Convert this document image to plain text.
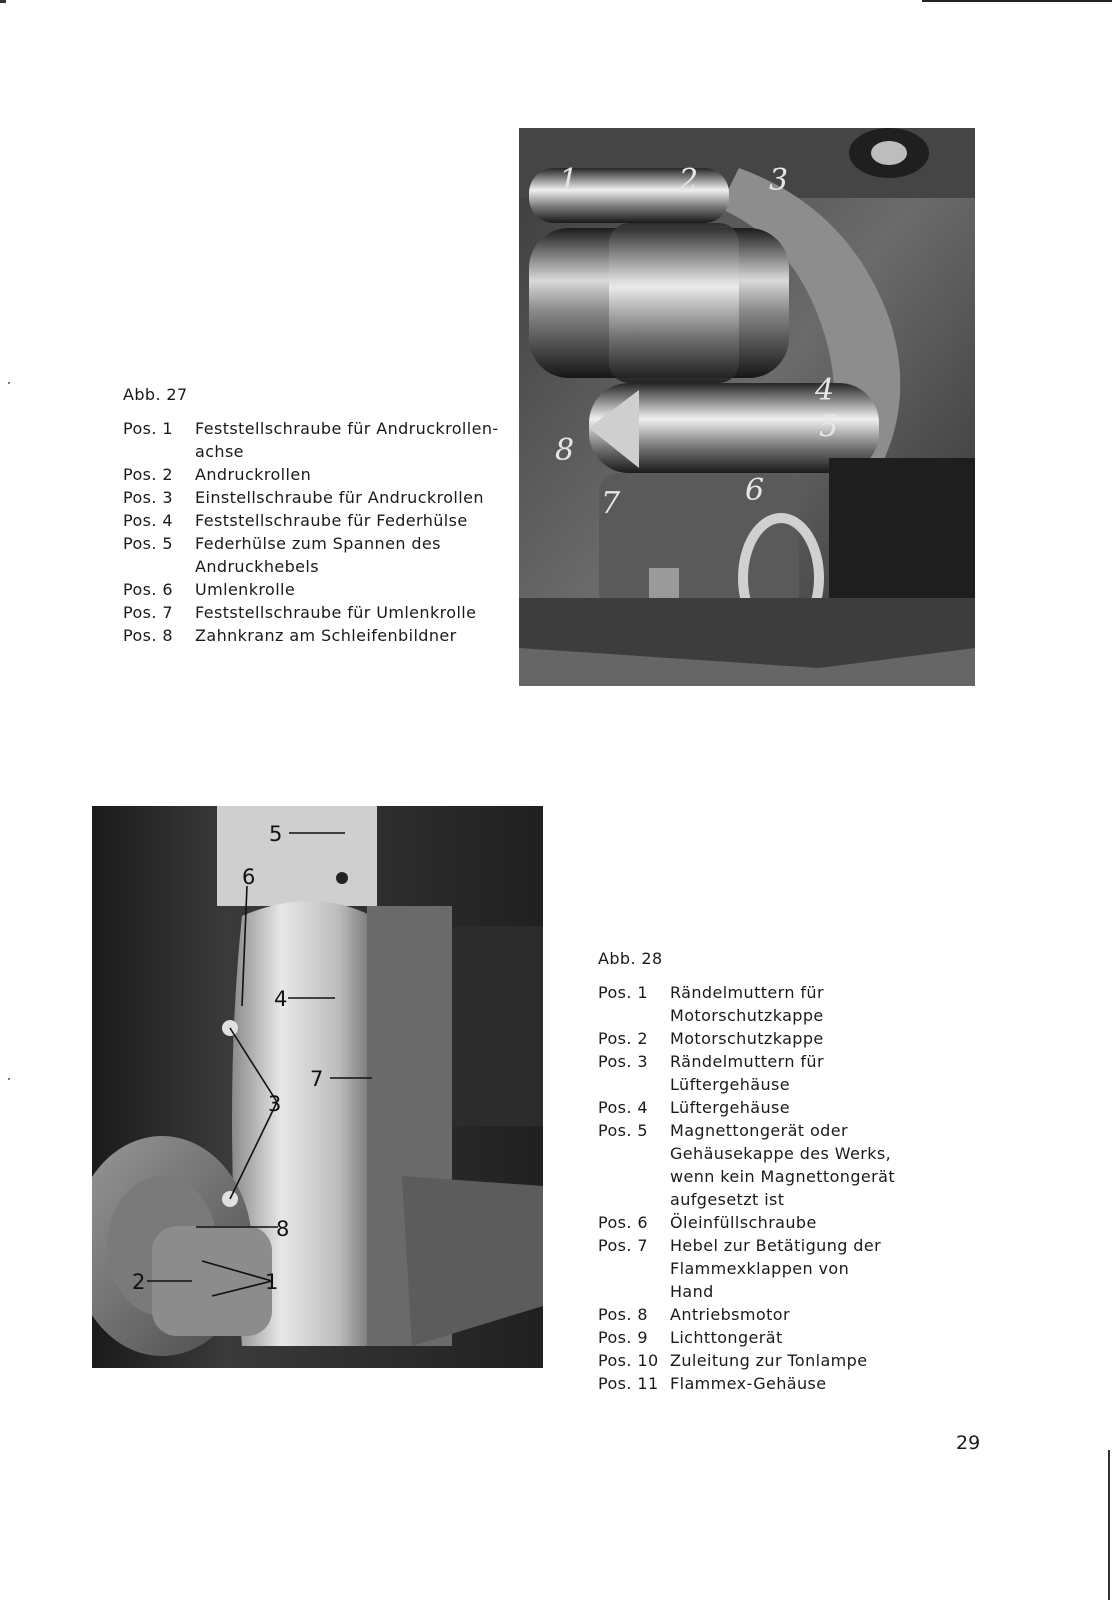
1	2 3
4
5
6
7
8
Abb. 27
Pos. 1	Feststellschraube für Andruckrollen-achse
Pos. 2	Andruckrollen
Pos. 3	Einstellschraube für Andruckrollen
Pos. 4	Feststellschraube für Federhülse
Pos. 5	Federhülse zum Spannen des Andruckhebels
Pos. 6	Umlenkrolle
Pos. 7	Feststellschraube für Umlenkrolle
Pos. 8	Zahnkranz am Schleifenbildner
1
2
3
4
5
6
7
8
Abb. 28
Pos. 1	Rändelmuttern für Motorschutzkappe
Pos. 2	Motorschutzkappe
Pos. 3	Rändelmuttern für Lüftergehäuse
Pos. 4	Lüftergehäuse
Pos. 5	Magnettongerät oder Gehäusekappe des Werks, wenn kein Magnettongerät aufgesetzt ist
Pos. 6	Öleinfüllschraube
Pos. 7	Hebel zur Betätigung der Flammexklappen von Hand
Pos. 8	Antriebsmotor
Pos. 9	Lichttongerät
Pos. 10 Zuleitung zur Tonlampe
Pos. 11 Flammex-Gehäuse
29
